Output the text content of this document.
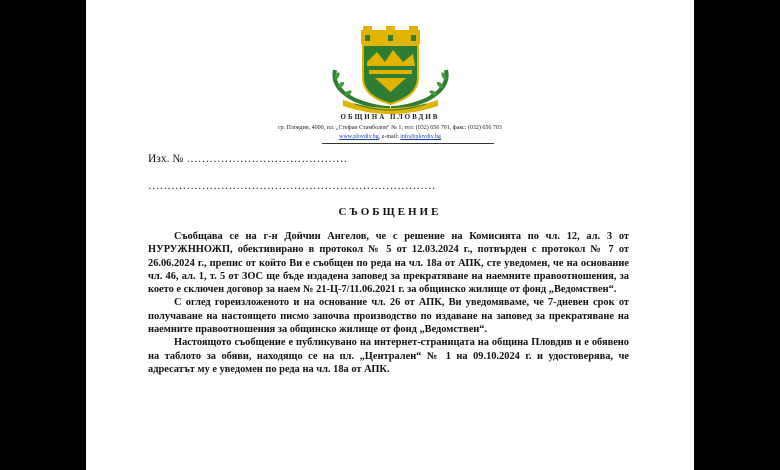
ОБЩИНА ПЛОВДИВ
гр. Пловдив, 4000, пл. „Стефан Стамболов“ № 1, тел: (032) 656 701, факс: (032) 656 703
www.plovdiv.bg, e-mail: info@plovdiv.bg
Изх. № ……………………………………
…………………………………………………………………
СЪОБЩЕНИЕ

Съобщава се на г-н Дойчин Ангелов, че с решение на Комисията по чл. 12, ал. 3 от НУРУЖННОЖП, обективирано в протокол № 5 от 12.03.2024 г., потвърден с протокол № 7 от 26.06.2024 г., препис от който Ви е съобщен по реда на чл. 18а от АПК, сте уведомен, че на основание чл. 46, ал. 1, т. 5 от ЗОС ще бъде издадена заповед за прекратяване на наемните правоотношения, за което е сключен договор за наем № 21-Ц-7/11.06.2021 г. за общинско жилище от фонд „Ведомствен“.

С оглед гореизложеното и на основание чл. 26 от АПК, Ви уведомяваме, че 7-дневен срок от получаване на настоящето писмо започва производство по издаване на заповед за прекратяване на наемните правоотношения за общинско жилище от фонд „Ведомствен“.

Настоящото съобщение е публикувано на интернет-страницата на община Пловдив и е обявено на таблото за обяви, находящо се на пл. „Централен“ № 1 на 09.10.2024 г. и удостоверява, че адресатът му е уведомен по реда на чл. 18а от АПК.
